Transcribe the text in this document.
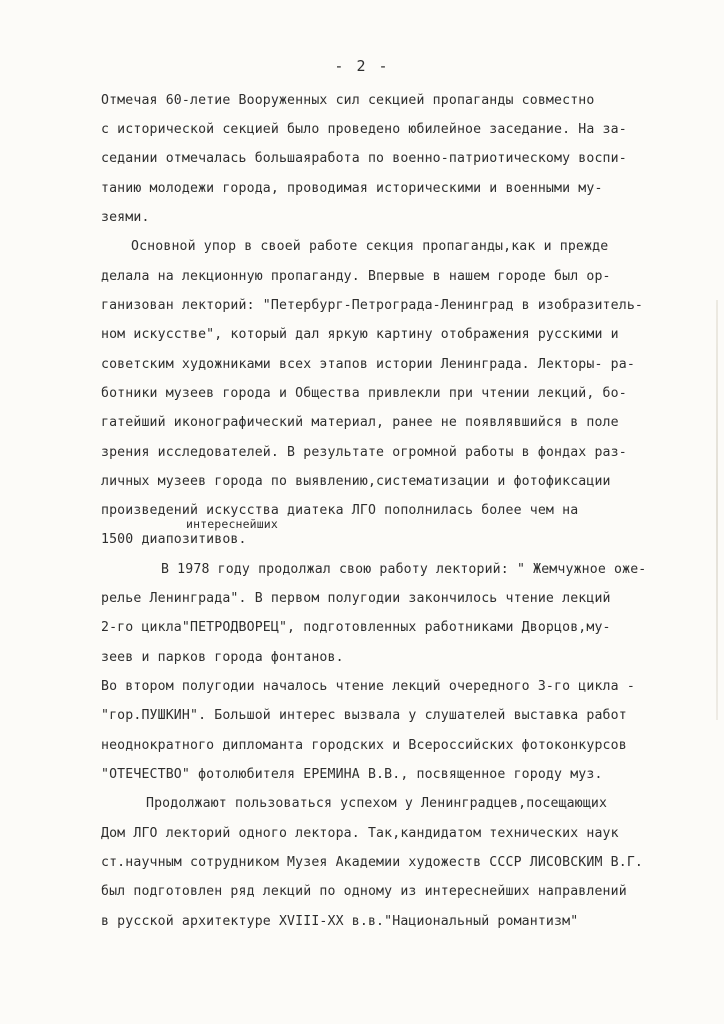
- 2 -
Отмечая 60-летие Вооруженных сил секцией пропаганды совместно
с исторической секцией было проведено юбилейное заседание. На за-
седании отмечалась большаяработа по военно-патриотическому воспи-
танию молодежи города, проводимая историческими и военными му-
зеями.
Основной упор в своей работе секция пропаганды,как и прежде
делала на лекционную пропаганду. Впервые в нашем городе был ор-
ганизован лекторий: "Петербург-Петрограда-Ленинград в изобразитель-
ном искусстве", который дал яркую картину отображения русскими и
советским художниками всех этапов истории Ленинграда. Лекторы- ра-
ботники музеев города и Общества привлекли при чтении лекций, бо-
гатейший иконографический материал, ранее не появлявшийся в поле
зрения исследователей. В результате огромной работы в фондах раз-
личных музеев города по выявлению,систематизации и фотофиксации
произведений искусства диатека ЛГО пополнилась более чем на
интереснейших
1500 диапозитивов.
В 1978 году продолжал свою работу лекторий: " Жемчужное оже-
релье Ленинграда". В первом полугодии закончилось чтение лекций
2-го цикла"ПЕТРОДВОРЕЦ", подготовленных работниками Дворцов,му-
зеев и парков города фонтанов.
Во втором полугодии началось чтение лекций очередного 3-го цикла -
"гор.ПУШКИН". Большой интерес вызвала у слушателей выставка работ
неоднократного дипломанта городских и Всероссийских фотоконкурсов
"ОТЕЧЕСТВО" фотолюбителя ЕРЕМИНА В.В., посвященное городу муз.
Продолжают пользоваться успехом у Ленинградцев,посещающих
Дом ЛГО лекторий одного лектора. Так,кандидатом технических наук
ст.научным сотрудником Музея Академии художеств СССР ЛИСОВСКИМ В.Г.
был подготовлен ряд лекций по одному из интереснейших направлений
в русской архитектуре XVIII-XX в.в."Национальный романтизм"
